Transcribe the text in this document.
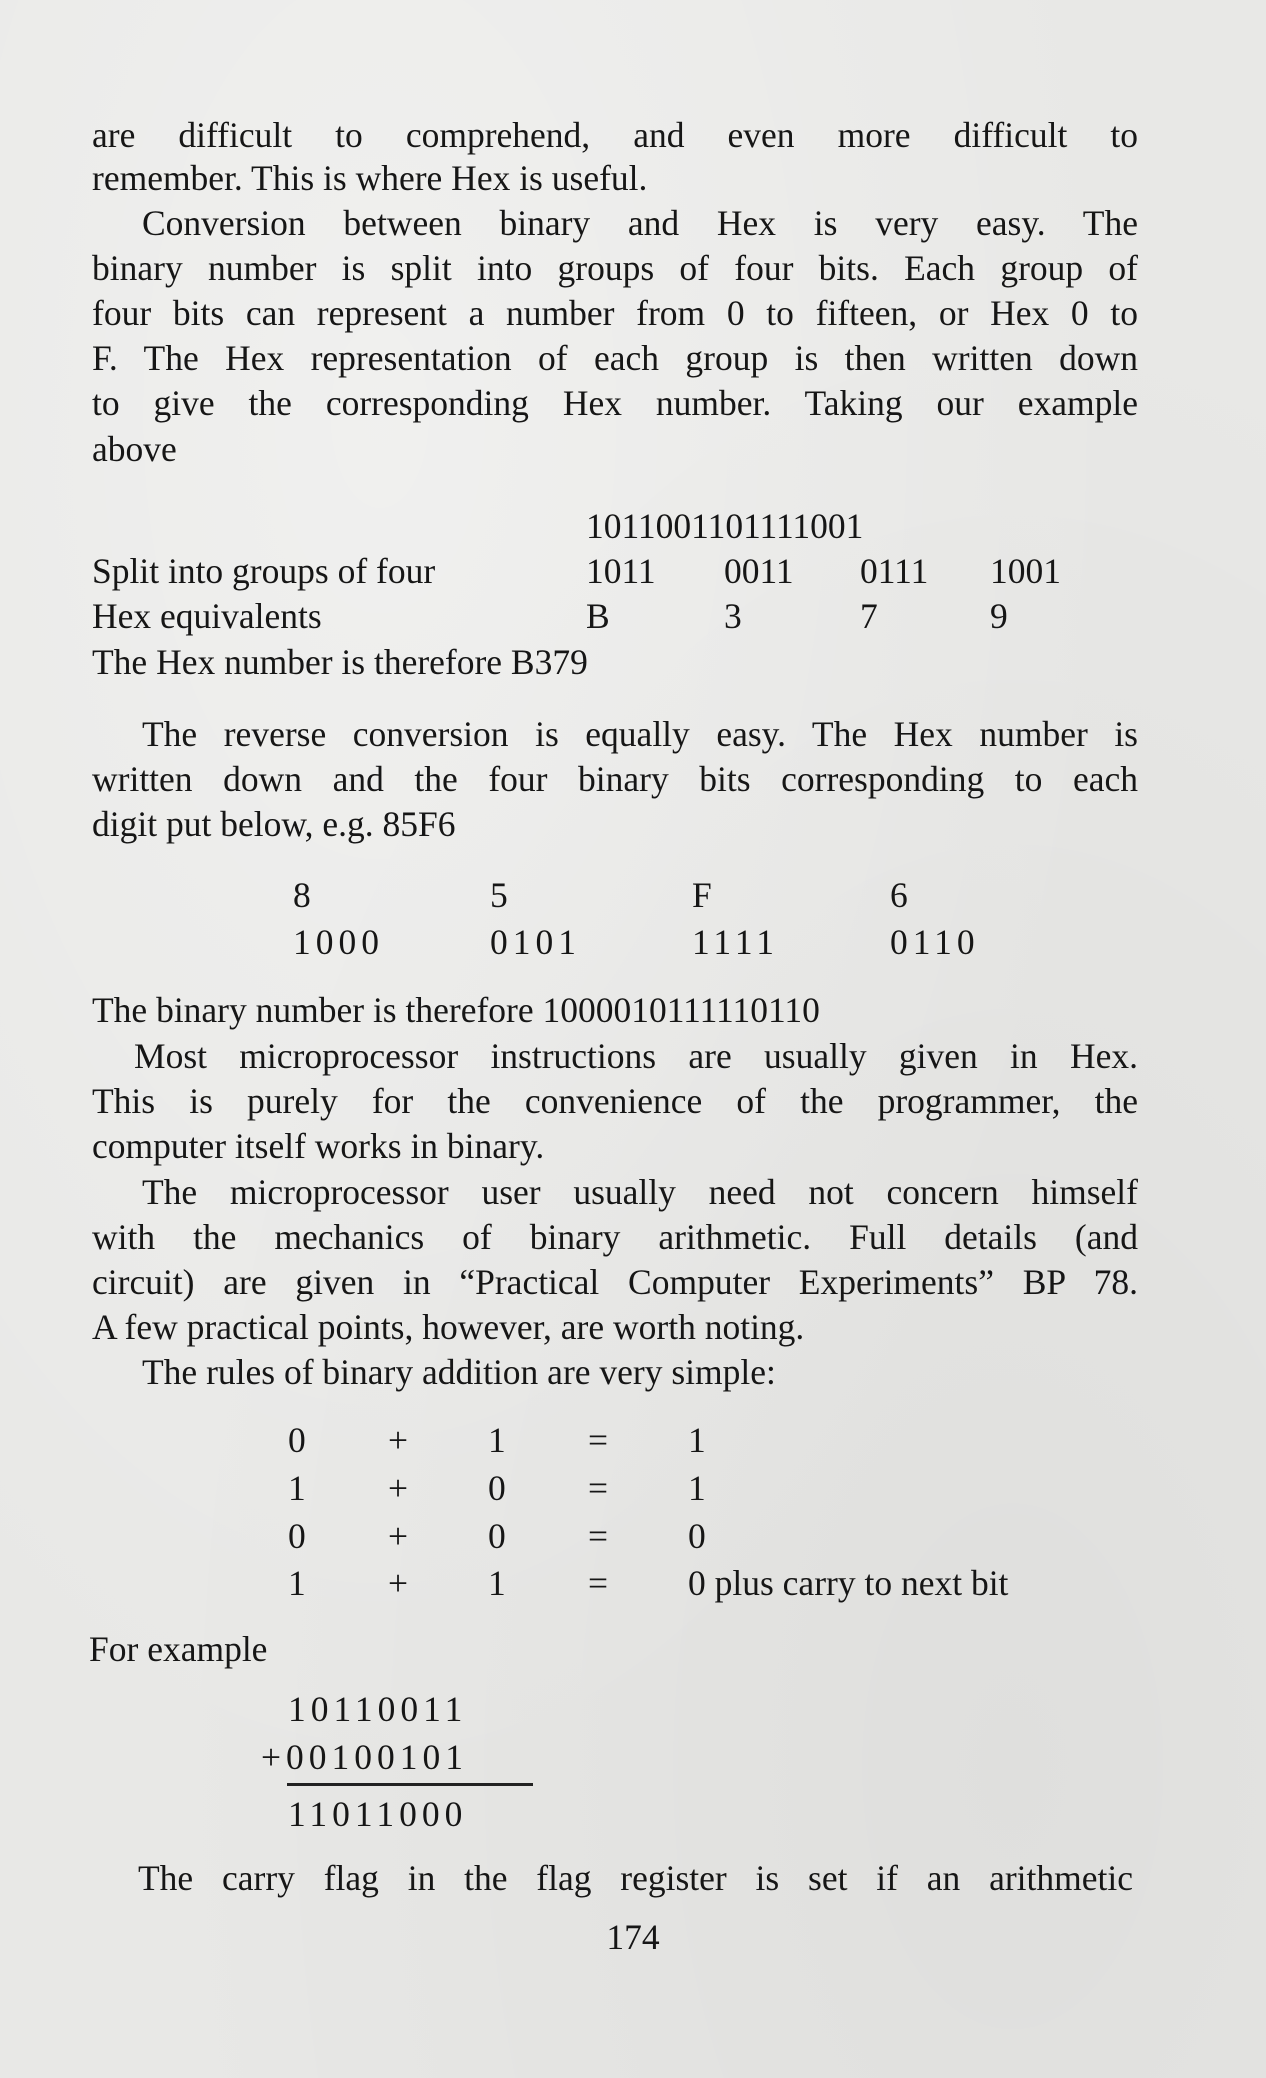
are difficult to comprehend, and even more difficult to
remember. This is where Hex is useful.
Conversion between binary and Hex is very easy. The
binary number is split into groups of four bits. Each group of
four bits can represent a number from 0 to fifteen, or Hex 0 to
F. The Hex representation of each group is then written down
to give the corresponding Hex number. Taking our example
above
1011001101111001
Split into groups of four	1011 0011 0111 1001
Hex equivalents	B	3	7	9
The Hex number is therefore B379
The reverse conversion is equally easy. The Hex number is
written down and the four binary bits corresponding to each
digit put below, e.g. 85F6
8	5	F	6
1000	0101	1111	0110
The binary number is therefore 1000010111110110
Most microprocessor instructions are usually given in Hex.
This is purely for the convenience of the programmer, the
computer itself works in binary.
The microprocessor user usually need not concern himself
with the mechanics of binary arithmetic. Full details (and
circuit) are given in “Practical Computer Experiments” BP 78.
A few practical points, however, are worth noting.
The rules of binary addition are very simple:
0 + 1 = 1
1 + 0 = 1
0 + 0 = 0
1 + 1 = 0 plus carry to next bit
For example
10110011
+00100101
11011000
The carry flag in the flag register is set if an arithmetic
174
